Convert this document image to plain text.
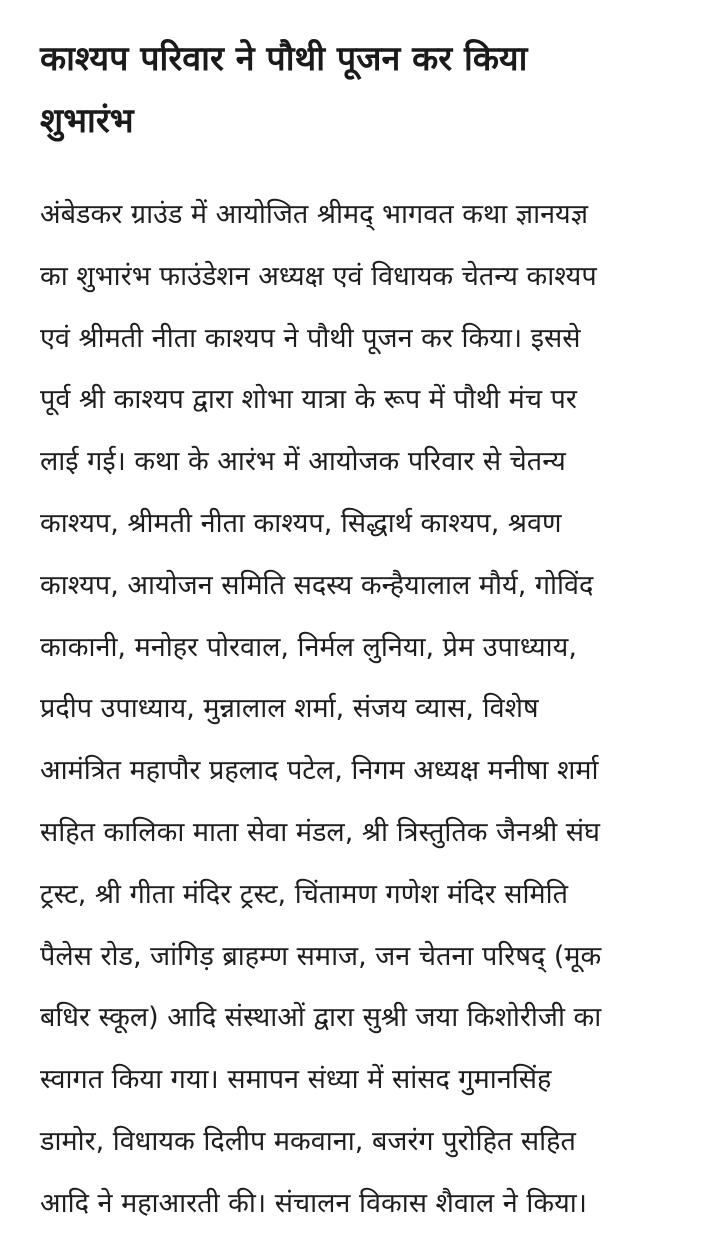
काश्यप परिवार ने पौथी पूजन कर किया
शुभारंभ
अंबेडकर ग्राउंड में आयोजित श्रीमद् भागवत कथा ज्ञानयज्ञ
का शुभारंभ फाउंडेशन अध्यक्ष एवं विधायक चेतन्य काश्यप
एवं श्रीमती नीता काश्यप ने पौथी पूजन कर किया। इससे
पूर्व श्री काश्यप द्वारा शोभा यात्रा के रूप में पौथी मंच पर
लाई गई। कथा के आरंभ में आयोजक परिवार से चेतन्य
काश्यप, श्रीमती नीता काश्यप, सिद्धार्थ काश्यप, श्रवण
काश्यप, आयोजन समिति सदस्य कन्हैयालाल मौर्य, गोविंद
काकानी, मनोहर पोरवाल, निर्मल लुनिया, प्रेम उपाध्याय,
प्रदीप उपाध्याय, मुन्नालाल शर्मा, संजय व्यास, विशेष
आमंत्रित महापौर प्रहलाद पटेल, निगम अध्यक्ष मनीषा शर्मा
सहित कालिका माता सेवा मंडल, श्री त्रिस्तुतिक जैनश्री संघ
ट्रस्ट, श्री गीता मंदिर ट्रस्ट, चिंतामण गणेश मंदिर समिति
पैलेस रोड, जांगिड़ ब्राहम्ण समाज, जन चेतना परिषद् (मूक
बधिर स्कूल) आदि संस्थाओं द्वारा सुश्री जया किशोरीजी का
स्वागत किया गया। समापन संध्या में सांसद गुमानसिंह
डामोर, विधायक दिलीप मकवाना, बजरंग पुरोहित सहित
आदि ने महाआरती की। संचालन विकास शैवाल ने किया।
